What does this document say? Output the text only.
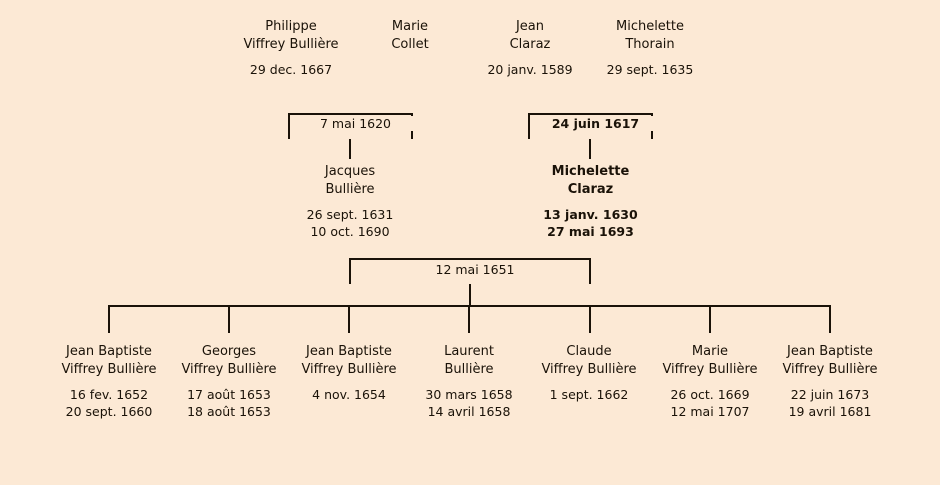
Philippe
Viffrey Bullière
29 dec. 1667
Marie
Collet
Jean
Claraz
20 janv. 1589
Michelette
Thorain
29 sept. 1635
7 mai 1620	24 juin 1617
Jacques
Bullière
26 sept. 1631
10 oct. 1690
Michelette
Claraz
13 janv. 1630
27 mai 1693
12 mai 1651
Jean Baptiste
Viffrey Bullière
16 fev. 1652
20 sept. 1660
Georges
Viffrey Bullière
17 août 1653
18 août 1653
Jean Baptiste
Viffrey Bullière
4 nov. 1654
Laurent
Bullière
30 mars 1658
14 avril 1658
Claude
Viffrey Bullière
1 sept. 1662
Marie
Viffrey Bullière
26 oct. 1669
12 mai 1707
Jean Baptiste
Viffrey Bullière
22 juin 1673
19 avril 1681
